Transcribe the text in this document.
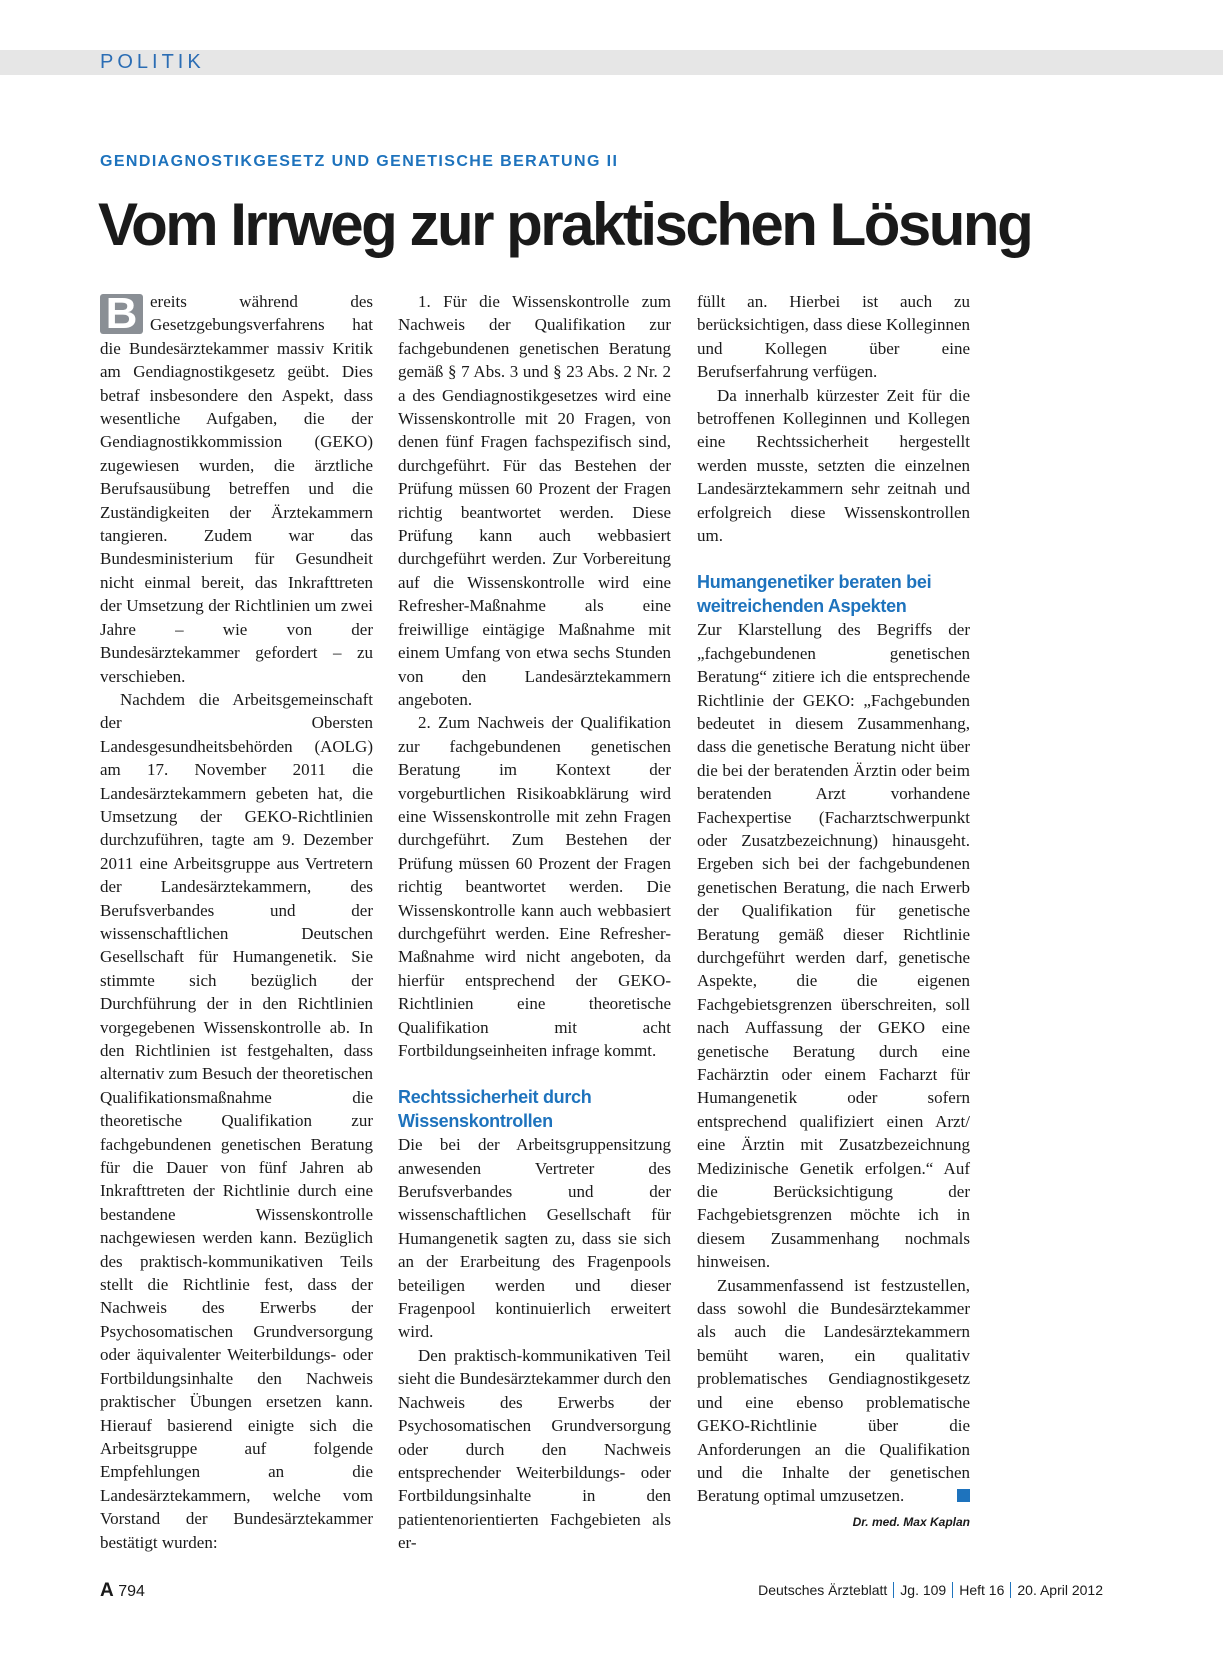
POLITIK
GENDIAGNOSTIKGESETZ UND GENETISCHE BERATUNG II
Vom Irrweg zur praktischen Lösung

B ereits während des Gesetzgebungsverfahrens hat die Bundesärztekammer massiv Kritik am Gendiagnostikgesetz geübt. Dies betraf insbesondere den Aspekt, dass wesentliche Aufgaben, die der Gendiagnostikkommission (GEKO) zugewiesen wurden, die ärztliche Berufsausübung betreffen und die Zuständigkeiten der Ärztekammern tangieren. Zudem war das Bundesministerium für Gesundheit nicht einmal bereit, das Inkrafttreten der Umsetzung der Richtlinien um zwei Jahre – wie von der Bundesärztekammer gefordert – zu verschieben.

Nachdem die Arbeitsgemeinschaft der Obersten Landesgesundheitsbehörden (AOLG) am 17. November 2011 die Landesärztekammern gebeten hat, die Umsetzung der GEKO-Richtlinien durchzuführen, tagte am 9. Dezember 2011 eine Arbeitsgruppe aus Vertretern der Landesärztekammern, des Berufsverbandes und der wissenschaftlichen Deutschen Gesellschaft für Humangenetik. Sie stimmte sich bezüglich der Durchführung der in den Richtlinien vorgegebenen Wissenskontrolle ab. In den Richtlinien ist festgehalten, dass alternativ zum Besuch der theoretischen Qualifikationsmaßnahme die theoretische Qualifikation zur fachgebundenen genetischen Beratung für die Dauer von fünf Jahren ab Inkrafttreten der Richtlinie durch eine bestandene Wissenskontrolle nachgewiesen werden kann. Bezüglich des praktisch-kommunikativen Teils stellt die Richtlinie fest, dass der Nachweis des Erwerbs der Psychosomatischen Grundversorgung oder äquivalenter Weiterbildungs- oder Fortbildungsinhalte den Nachweis praktischer Übungen ersetzen kann. Hierauf basierend einigte sich die Arbeitsgruppe auf folgende Empfehlungen an die Landesärztekammern, welche vom Vorstand der Bundesärztekammer bestätigt wurden:

1. Für die Wissenskontrolle zum Nachweis der Qualifikation zur fachgebundenen genetischen Beratung gemäß § 7 Abs. 3 und § 23 Abs. 2 Nr. 2 a des Gendiagnostikgesetzes wird eine Wissenskontrolle mit 20 Fragen, von denen fünf Fragen fachspezifisch sind, durchgeführt. Für das Bestehen der Prüfung müssen 60 Prozent der Fragen richtig beantwortet werden. Diese Prüfung kann auch webbasiert durchgeführt werden. Zur Vorbereitung auf die Wissenskontrolle wird eine Refresher-Maßnahme als eine freiwillige eintägige Maßnahme mit einem Umfang von etwa sechs Stunden von den Landesärztekammern angeboten.

2. Zum Nachweis der Qualifikation zur fachgebundenen genetischen Beratung im Kontext der vorgeburtlichen Risikoabklärung wird eine Wissenskontrolle mit zehn Fragen durchgeführt. Zum Bestehen der Prüfung müssen 60 Prozent der Fragen richtig beantwortet werden. Die Wissenskontrolle kann auch webbasiert durchgeführt werden. Eine Refresher-Maßnahme wird nicht angeboten, da hierfür entsprechend der GEKO-Richtlinien eine theoretische Qualifikation mit acht Fortbildungseinheiten infrage kommt.

Rechtssicherheit durch Wissenskontrollen

Die bei der Arbeitsgruppensitzung anwesenden Vertreter des Berufsverbandes und der wissenschaftlichen Gesellschaft für Humangenetik sagten zu, dass sie sich an der Erarbeitung des Fragenpools beteiligen werden und dieser Fragenpool kontinuierlich erweitert wird.

Den praktisch-kommunikativen Teil sieht die Bundesärztekammer durch den Nachweis des Erwerbs der Psychosomatischen Grundversorgung oder durch den Nachweis entsprechender Weiterbildungs- oder Fortbildungsinhalte in den patientenorientierten Fachgebieten als er-

füllt an. Hierbei ist auch zu berücksichtigen, dass diese Kolleginnen und Kollegen über eine Berufserfahrung verfügen.

Da innerhalb kürzester Zeit für die betroffenen Kolleginnen und Kollegen eine Rechtssicherheit hergestellt werden musste, setzten die einzelnen Landesärztekammern sehr zeitnah und erfolgreich diese Wissenskontrollen um.

Humangenetiker beraten bei weitreichenden Aspekten

Zur Klarstellung des Begriffs der „fachgebundenen genetischen Beratung“ zitiere ich die entsprechende Richtlinie der GEKO: „Fachgebunden bedeutet in diesem Zusammenhang, dass die genetische Beratung nicht über die bei der beratenden Ärztin oder beim beratenden Arzt vorhandene Fachexpertise (Facharztschwerpunkt oder Zusatzbezeichnung) hinausgeht. Ergeben sich bei der fachgebundenen genetischen Beratung, die nach Erwerb der Qualifikation für genetische Beratung gemäß dieser Richtlinie durchgeführt werden darf, genetische Aspekte, die die eigenen Fachgebietsgrenzen überschreiten, soll nach Auffassung der GEKO eine genetische Beratung durch eine Fachärztin oder einem Facharzt für Humangenetik oder sofern entsprechend qualifiziert einen Arzt/ eine Ärztin mit Zusatzbezeichnung Medizinische Genetik erfolgen.“ Auf die Berücksichtigung der Fachgebietsgrenzen möchte ich in diesem Zusammenhang nochmals hinweisen.

Zusammenfassend ist festzustellen, dass sowohl die Bundesärztekammer als auch die Landesärztekammern bemüht waren, ein qualitativ problematisches Gendiagnostikgesetz und eine ebenso problematische GEKO-Richtlinie über die Anforderungen an die Qualifikation und die Inhalte der genetischen Beratung optimal umzusetzen.

Dr. med. Max Kaplan
A 794	Deutsches Ärzteblatt Jg. 109 Heft 16 20. April 2012
